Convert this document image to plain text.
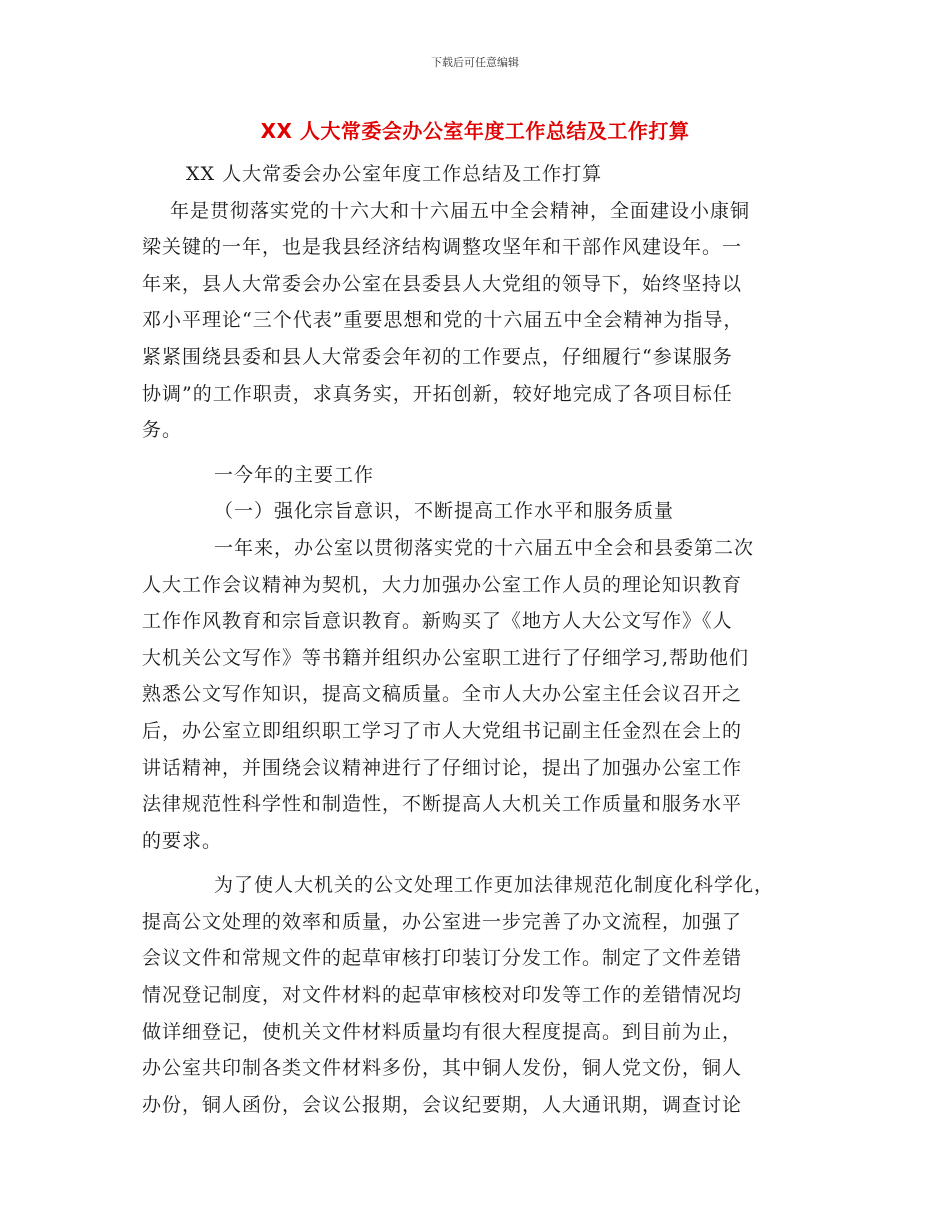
下载后可任意编辑
XX 人大常委会办公室年度工作总结及工作打算
XX 人大常委会办公室年度工作总结及工作打算
年是贯彻落实党的十六大和十六届五中全会精神，全面建设小康铜
梁关键的一年，也是我县经济结构调整攻坚年和干部作风建设年。一
年来，县人大常委会办公室在县委县人大党组的领导下，始终坚持以
邓小平理论“三个代表”重要思想和党的十六届五中全会精神为指导，
紧紧围绕县委和县人大常委会年初的工作要点，仔细履行“参谋服务
协调”的工作职责，求真务实，开拓创新，较好地完成了各项目标任
务。
一今年的主要工作
（一）强化宗旨意识，不断提高工作水平和服务质量
一年来，办公室以贯彻落实党的十六届五中全会和县委第二次
人大工作会议精神为契机，大力加强办公室工作人员的理论知识教育
工作作风教育和宗旨意识教育。新购买了《地方人大公文写作》《人
大机关公文写作》等书籍并组织办公室职工进行了仔细学习,帮助他们
熟悉公文写作知识，提高文稿质量。全市人大办公室主任会议召开之
后，办公室立即组织职工学习了市人大党组书记副主任金烈在会上的
讲话精神，并围绕会议精神进行了仔细讨论，提出了加强办公室工作
法律规范性科学性和制造性，不断提高人大机关工作质量和服务水平
的要求。
为了使人大机关的公文处理工作更加法律规范化制度化科学化，
提高公文处理的效率和质量，办公室进一步完善了办文流程，加强了
会议文件和常规文件的起草审核打印装订分发工作。制定了文件差错
情况登记制度，对文件材料的起草审核校对印发等工作的差错情况均
做详细登记，使机关文件材料质量均有很大程度提高。到目前为止，
办公室共印制各类文件材料多份，其中铜人发份，铜人党文份，铜人
办份，铜人函份，会议公报期，会议纪要期，人大通讯期，调查讨论
